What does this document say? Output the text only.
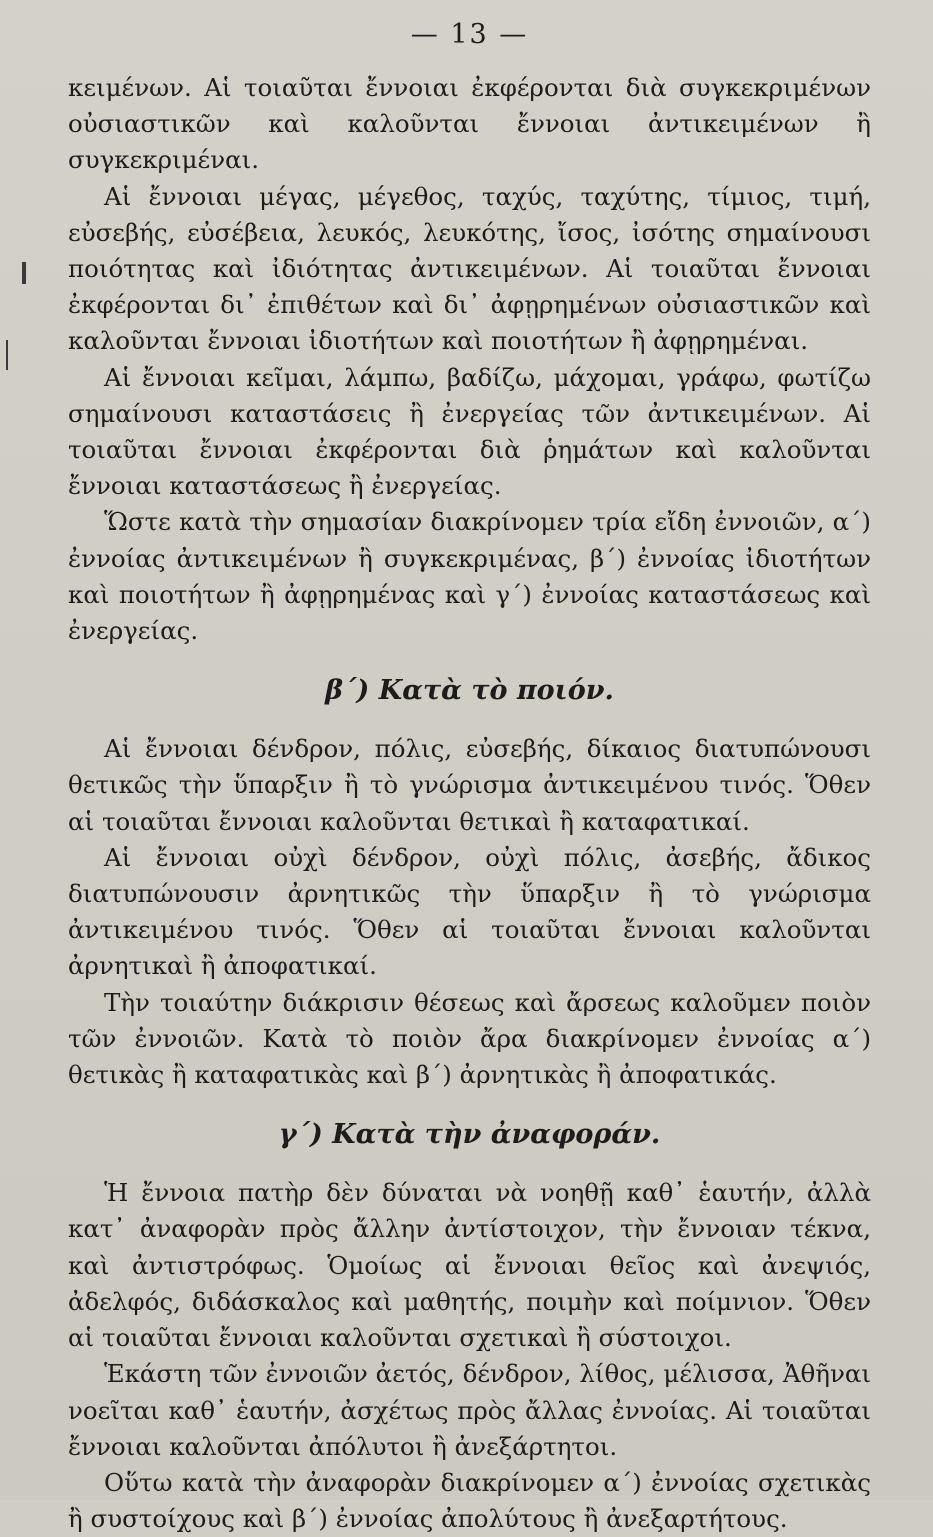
— 13 —

κειμένων. Αἱ τοιαῦται ἔννοιαι ἐκφέρονται διὰ συγκεκριμένων οὐσιαστικῶν καὶ καλοῦνται ἔννοιαι ἀντικειμένων ἢ συγκεκριμέναι.

Αἱ ἔννοιαι μέγας, μέγεθος, ταχύς, ταχύτης, τίμιος, τιμή, εὐσεβής, εὐσέβεια, λευκός, λευκότης, ἴσος, ἰσότης σημαίνουσι ποιότητας καὶ ἰδιότητας ἀντικειμένων. Αἱ τοιαῦται ἔννοιαι ἐκφέρονται δι᾽ ἐπιθέτων καὶ δι᾽ ἀφῃρημένων οὐσιαστικῶν καὶ καλοῦνται ἔννοιαι ἰδιοτήτων καὶ ποιοτήτων ἢ ἀφῃρημέναι.

Αἱ ἔννοιαι κεῖμαι, λάμπω, βαδίζω, μάχομαι, γράφω, φωτίζω σημαίνουσι καταστάσεις ἢ ἐνεργείας τῶν ἀντικειμένων. Αἱ τοιαῦται ἔννοιαι ἐκφέρονται διὰ ῥημάτων καὶ καλοῦνται ἔννοιαι καταστάσεως ἢ ἐνεργείας.

Ὥστε κατὰ τὴν σημασίαν διακρίνομεν τρία εἴδη ἐννοιῶν, α΄) ἐννοίας ἀντικειμένων ἢ συγκεκριμένας, β΄) ἐννοίας ἰδιοτήτων καὶ ποιοτήτων ἢ ἀφῃρημένας καὶ γ΄) ἐννοίας καταστάσεως καὶ ἐνεργείας.

β΄) Κατὰ τὸ ποιόν.

Αἱ ἔννοιαι δένδρον, πόλις, εὐσεβής, δίκαιος διατυπώνουσι θετικῶς τὴν ὕπαρξιν ἢ τὸ γνώρισμα ἀντικειμένου τινός. Ὅθεν αἱ τοιαῦται ἔννοιαι καλοῦνται θετικαὶ ἢ καταφατικαί.

Αἱ ἔννοιαι οὐχὶ δένδρον, οὐχὶ πόλις, ἀσεβής, ἄδικος διατυπώνουσιν ἀρνητικῶς τὴν ὕπαρξιν ἢ τὸ γνώρισμα ἀντικειμένου τινός. Ὅθεν αἱ τοιαῦται ἔννοιαι καλοῦνται ἀρνητικαὶ ἢ ἀποφατικαί.

Τὴν τοιαύτην διάκρισιν θέσεως καὶ ἄρσεως καλοῦμεν ποιὸν τῶν ἐννοιῶν. Κατὰ τὸ ποιὸν ἄρα διακρίνομεν ἐννοίας α΄) θετικὰς ἢ καταφατικὰς καὶ β΄) ἀρνητικὰς ἢ ἀποφατικάς.

γ΄) Κατὰ τὴν ἀναφοράν.

Ἡ ἔννοια πατὴρ δὲν δύναται νὰ νοηθῇ καθ᾽ ἑαυτήν, ἀλλὰ κατ᾽ ἀναφορὰν πρὸς ἄλλην ἀντίστοιχον, τὴν ἔννοιαν τέκνα, καὶ ἀντιστρόφως. Ὁμοίως αἱ ἔννοιαι θεῖος καὶ ἀνεψιός, ἀδελφός, διδάσκαλος καὶ μαθητής, ποιμὴν καὶ ποίμνιον. Ὅθεν αἱ τοιαῦται ἔννοιαι καλοῦνται σχετικαὶ ἢ σύστοιχοι.

Ἑκάστη τῶν ἐννοιῶν ἀετός, δένδρον, λίθος, μέλισσα, Ἀθῆναι νοεῖται καθ᾽ ἑαυτήν, ἀσχέτως πρὸς ἄλλας ἐννοίας. Αἱ τοιαῦται ἔννοιαι καλοῦνται ἀπόλυτοι ἢ ἀνεξάρτητοι.

Οὕτω κατὰ τὴν ἀναφορὰν διακρίνομεν α΄) ἐννοίας σχετικὰς ἢ συστοίχους καὶ β΄) ἐννοίας ἀπολύτους ἢ ἀνεξαρτήτους.
